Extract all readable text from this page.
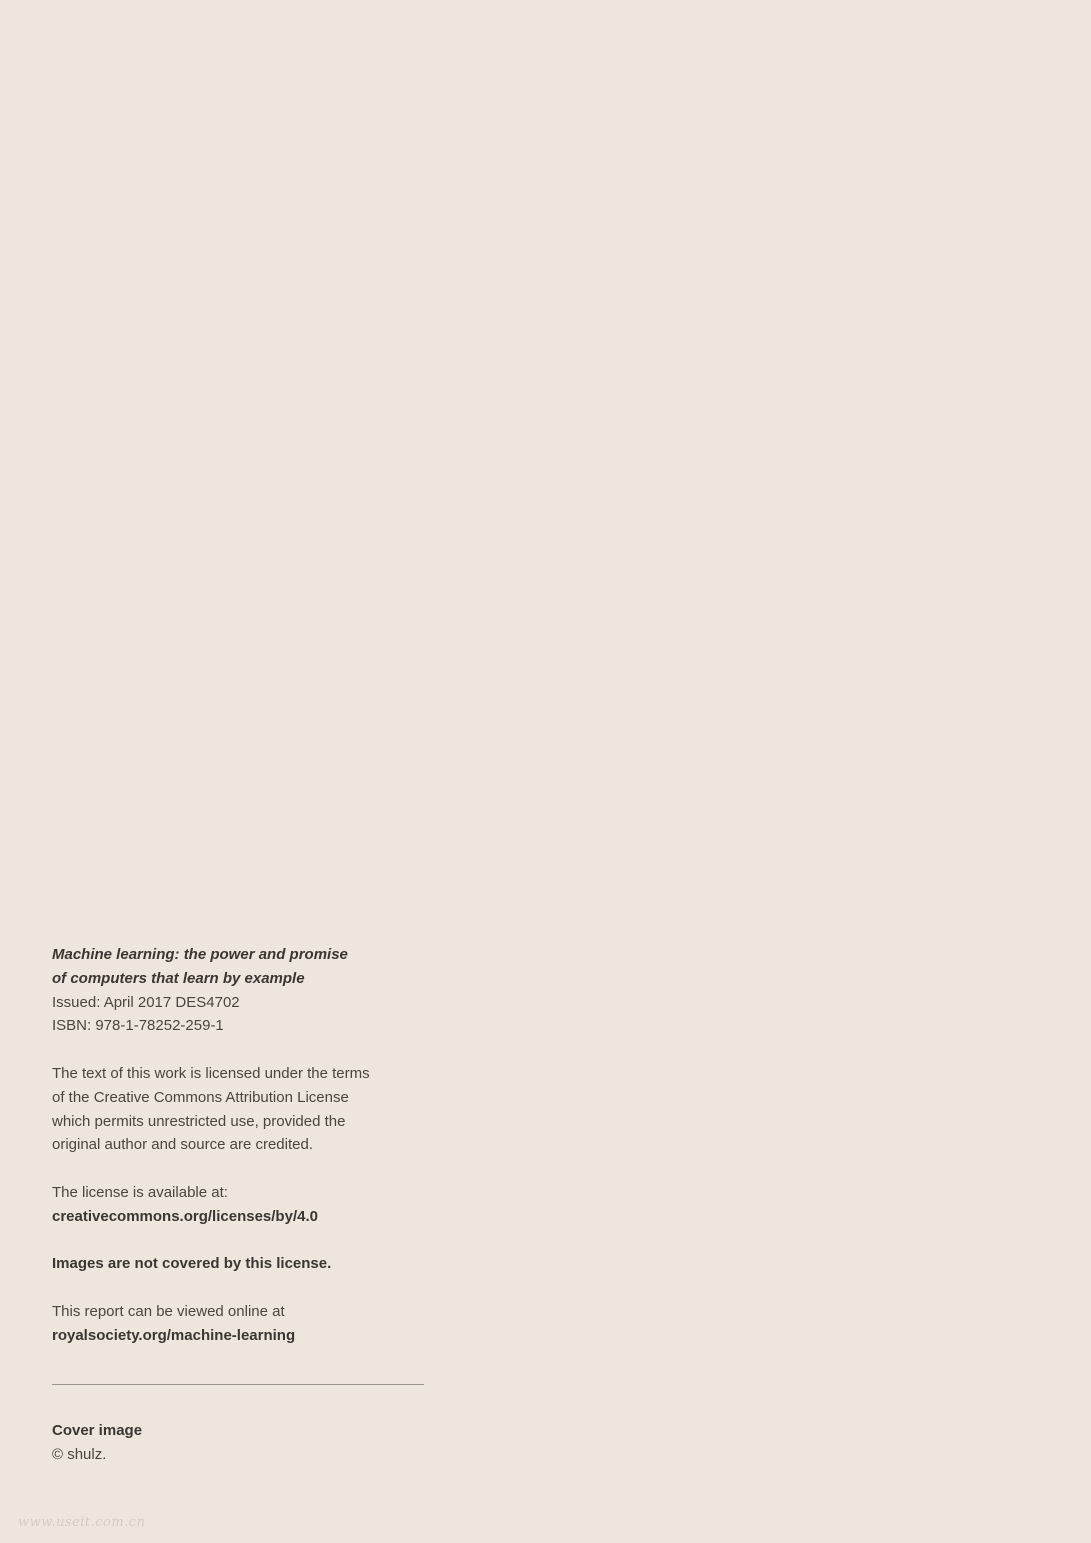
Machine learning: the power and promise
of computers that learn by example
Issued: April 2017 DES4702
ISBN: 978-1-78252-259-1
The text of this work is licensed under the terms
of the Creative Commons Attribution License
which permits unrestricted use, provided the
original author and source are credited.
The license is available at:
creativecommons.org/licenses/by/4.0
Images are not covered by this license.
This report can be viewed online at
royalsociety.org/machine-learning
Cover image
© shulz.
www.useit.com.cn
